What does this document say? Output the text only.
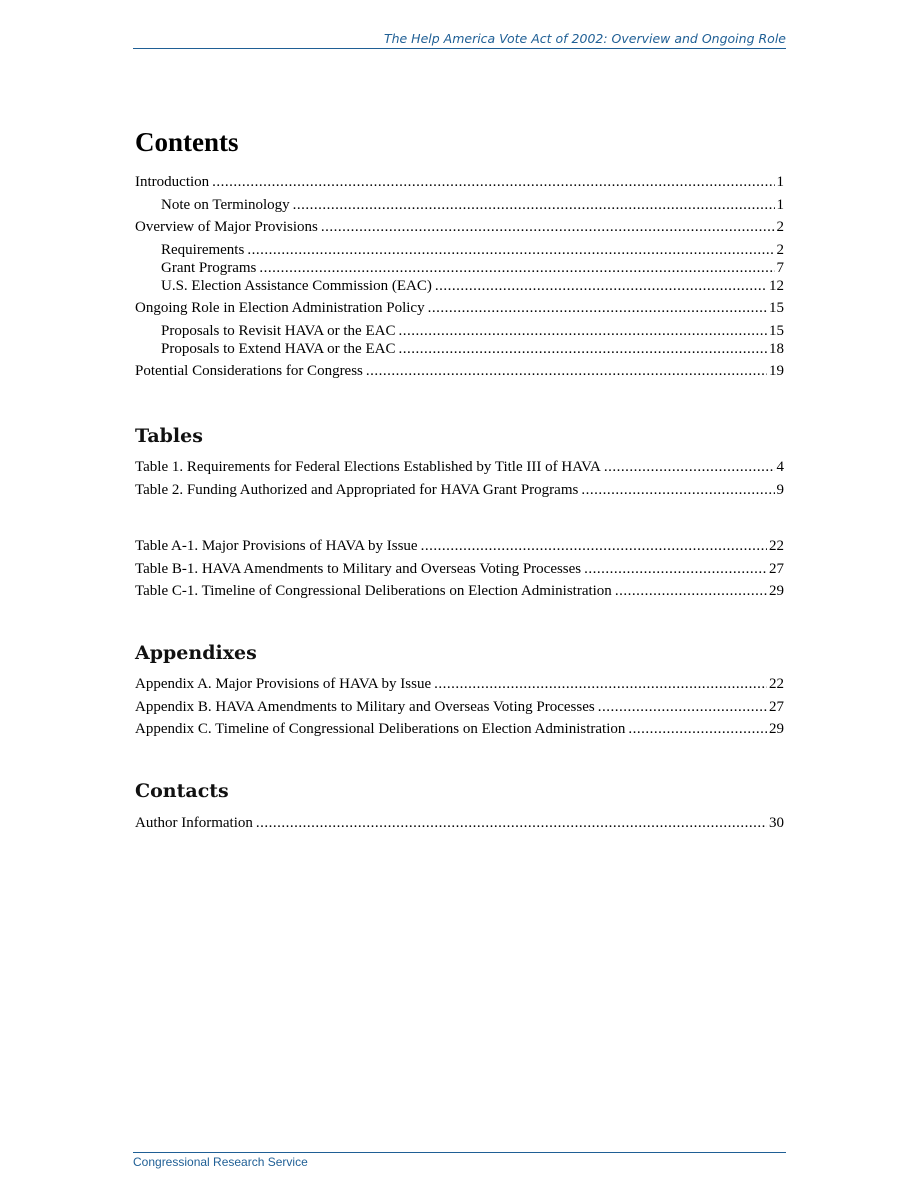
The Help America Vote Act of 2002: Overview and Ongoing Role
Contents
Introduction .....	1
Note on Terminology .....	1
Overview of Major Provisions .....	2
Requirements .....	2
Grant Programs .....	7
U.S. Election Assistance Commission (EAC) .....	12
Ongoing Role in Election Administration Policy .....	15
Proposals to Revisit HAVA or the EAC .....	15
Proposals to Extend HAVA or the EAC .....	18
Potential Considerations for Congress .....	19
Tables
Table 1. Requirements for Federal Elections Established by Title III of HAVA .....	4
Table 2. Funding Authorized and Appropriated for HAVA Grant Programs .....	9
Table A-1. Major Provisions of HAVA by Issue .....	22
Table B-1. HAVA Amendments to Military and Overseas Voting Processes .....	27
Table C-1. Timeline of Congressional Deliberations on Election Administration .....	29
Appendixes
Appendix A. Major Provisions of HAVA by Issue .....	22
Appendix B. HAVA Amendments to Military and Overseas Voting Processes .....	27
Appendix C. Timeline of Congressional Deliberations on Election Administration .....	29
Contacts
Author Information .....	30
Congressional Research Service
